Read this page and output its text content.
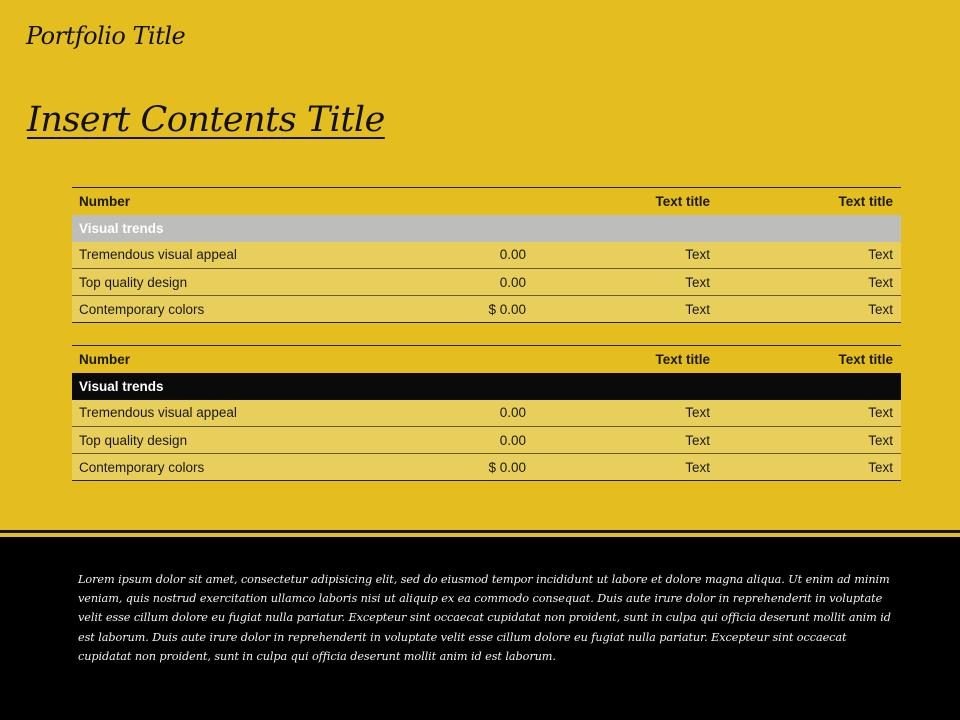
Portfolio Title
Insert Contents Title
Number		Text title	Text title
Visual trends			
Tremendous visual appeal	0.00	Text	Text
Top quality design	0.00	Text	Text
Contemporary colors	$ 0.00	Text	Text
Number		Text title	Text title
Visual trends			
Tremendous visual appeal	0.00	Text	Text
Top quality design	0.00	Text	Text
Contemporary colors	$ 0.00	Text	Text
Lorem ipsum dolor sit amet, consectetur adipisicing elit, sed do eiusmod tempor incididunt ut labore et dolore magna aliqua. Ut enim ad minim veniam, quis nostrud exercitation ullamco laboris nisi ut aliquip ex ea commodo consequat. Duis aute irure dolor in reprehenderit in voluptate velit esse cillum dolore eu fugiat nulla pariatur. Excepteur sint occaecat cupidatat non proident, sunt in culpa qui officia deserunt mollit anim id est laborum. Duis aute irure dolor in reprehenderit in voluptate velit esse cillum dolore eu fugiat nulla pariatur. Excepteur sint occaecat cupidatat non proident, sunt in culpa qui officia deserunt mollit anim id est laborum.
